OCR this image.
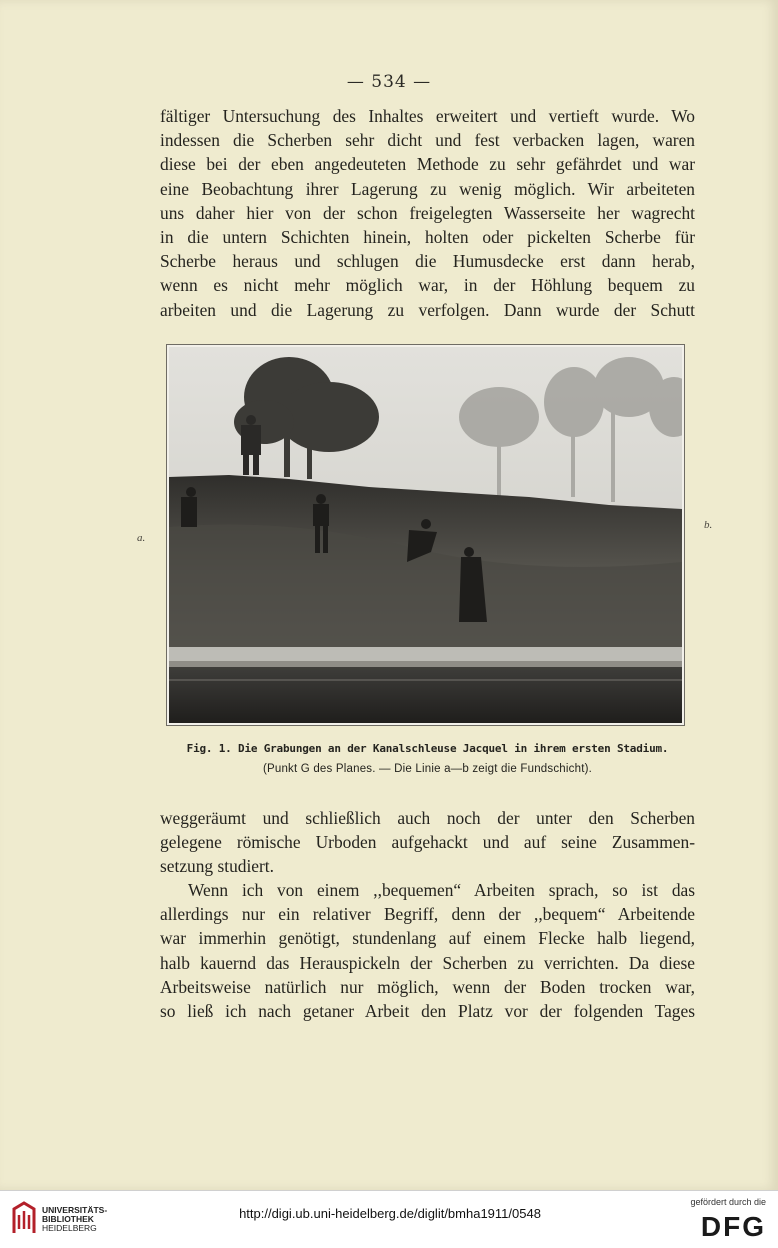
— 534 —
fältiger Untersuchung des Inhaltes erweitert und vertieft wurde. Wo
indessen die Scherben sehr dicht und fest verbacken lagen, waren
diese bei der eben angedeuteten Methode zu sehr gefährdet und war
eine Beobachtung ihrer Lagerung zu wenig möglich. Wir arbeiteten
uns daher hier von der schon freigelegten Wasserseite her wagrecht
in die untern Schichten hinein, holten oder pickelten Scherbe für
Scherbe heraus und schlugen die Humusdecke erst dann herab,
wenn es nicht mehr möglich war, in der Höhlung bequem zu
arbeiten und die Lagerung zu verfolgen. Dann wurde der Schutt
a.
b.
Fig. 1. Die Grabungen an der Kanalschleuse Jacquel in ihrem ersten Stadium.
(Punkt G des Planes. — Die Linie a—b zeigt die Fundschicht).
weggeräumt und schließlich auch noch der unter den Scherben
gelegene römische Urboden aufgehackt und auf seine Zusammen-
setzung studiert.
Wenn ich von einem ,,bequemen“ Arbeiten sprach, so ist das
allerdings nur ein relativer Begriff, denn der ,,bequem“ Arbeitende
war immerhin genötigt, stundenlang auf einem Flecke halb liegend,
halb kauernd das Herauspickeln der Scherben zu verrichten. Da diese
Arbeitsweise natürlich nur möglich, wenn der Boden trocken war,
so ließ ich nach getaner Arbeit den Platz vor der folgenden Tages
UNIVERSITÄTS-
BIBLIOTHEK
HEIDELBERG
http://digi.ub.uni-heidelberg.de/diglit/bmha1911/0548
gefördert durch die
DFG
